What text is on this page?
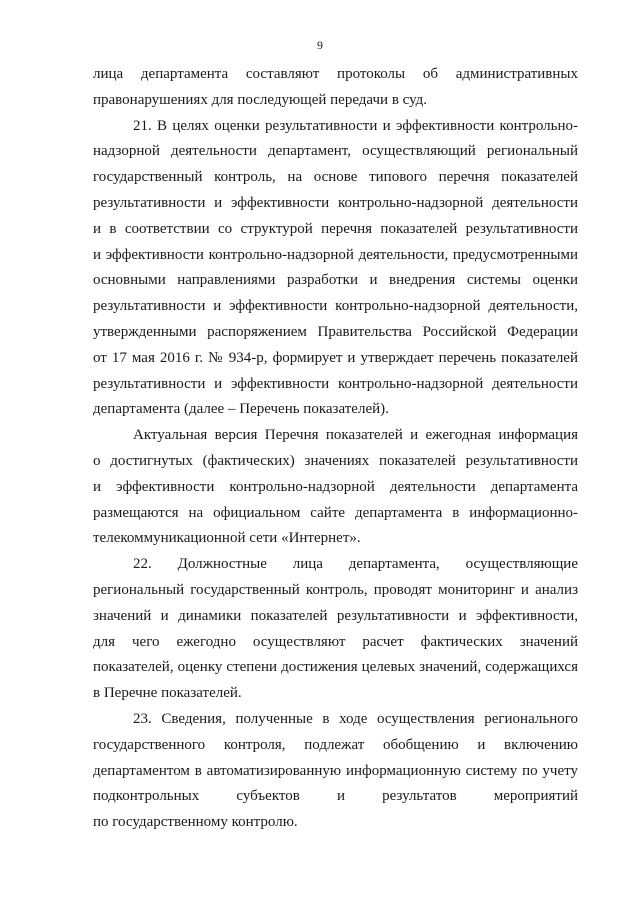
9

лица департамента составляют протоколы об административных
правонарушениях для последующей передачи в суд.

21. В целях оценки результативности и эффективности контрольно-
надзорной деятельности департамент, осуществляющий региональный
государственный контроль, на основе типового перечня показателей
результативности и эффективности контрольно-надзорной деятельности
и в соответствии со структурой перечня показателей результативности
и эффективности контрольно-надзорной деятельности, предусмотренными
основными направлениями разработки и внедрения системы оценки
результативности и эффективности контрольно-надзорной деятельности,
утвержденными распоряжением Правительства Российской Федерации
от 17 мая 2016 г. № 934-р, формирует и утверждает перечень показателей
результативности и эффективности контрольно-надзорной деятельности
департамента (далее – Перечень показателей).

Актуальная версия Перечня показателей и ежегодная информация
о достигнутых (фактических) значениях показателей результативности
и эффективности контрольно-надзорной деятельности департамента
размещаются на официальном сайте департамента в информационно-
телекоммуникационной сети «Интернет».

22. Должностные лица департамента, осуществляющие
региональный государственный контроль, проводят мониторинг и анализ
значений и динамики показателей результативности и эффективности,
для чего ежегодно осуществляют расчет фактических значений
показателей, оценку степени достижения целевых значений, содержащихся
в Перечне показателей.

23. Сведения, полученные в ходе осуществления регионального
государственного контроля, подлежат обобщению и включению
департаментом в автоматизированную информационную систему по учету
подконтрольных субъектов и результатов мероприятий
по государственному контролю.
